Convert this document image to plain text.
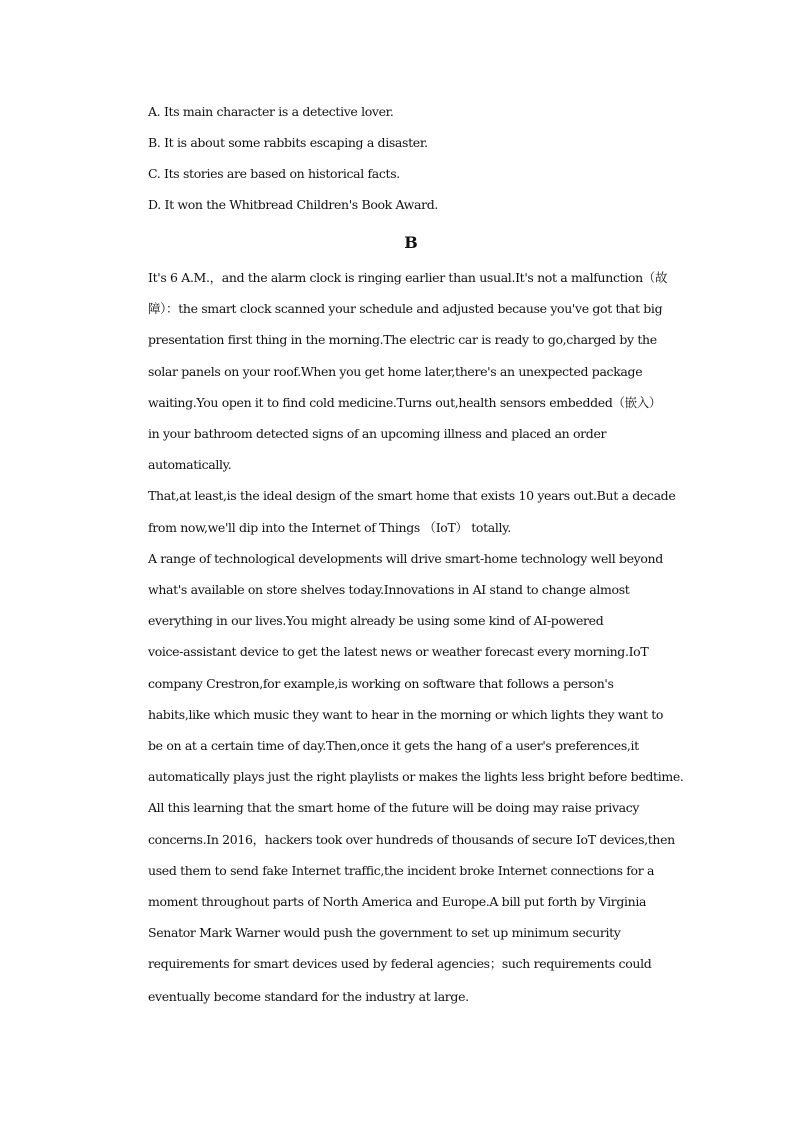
A. Its main character is a detective lover.
B. It is about some rabbits escaping a disaster.
C. Its stories are based on historical facts.
D. It won the Whitbread Children's Book Award.
B
It's 6 A.M.，and the alarm clock is ringing earlier than usual.It's not a malfunction（故
障）：the smart clock scanned your schedule and adjusted because you've got that big
presentation first thing in the morning.The electric car is ready to go,charged by the
solar panels on your roof.When you get home later,there's an unexpected package
waiting.You open it to find cold medicine.Turns out,health sensors embedded（嵌入）
in your bathroom detected signs of an upcoming illness and placed an order
automatically.
That,at least,is the ideal design of the smart home that exists 10 years out.But a decade
from now,we'll dip into the Internet of Things （IoT） totally.
A range of technological developments will drive smart-home technology well beyond
what's available on store shelves today.Innovations in AI stand to change almost
everything in our lives.You might already be using some kind of AI-powered
voice-assistant device to get the latest news or weather forecast every morning.IoT
company Crestron,for example,is working on software that follows a person's
habits,like which music they want to hear in the morning or which lights they want to
be on at a certain time of day.Then,once it gets the hang of a user's preferences,it
automatically plays just the right playlists or makes the lights less bright before bedtime.
All this learning that the smart home of the future will be doing may raise privacy
concerns.In 2016，hackers took over hundreds of thousands of secure IoT devices,then
used them to send fake Internet traffic,the incident broke Internet connections for a
moment throughout parts of North America and Europe.A bill put forth by Virginia
Senator Mark Warner would push the government to set up minimum security
requirements for smart devices used by federal agencies；such requirements could
eventually become standard for the industry at large.
